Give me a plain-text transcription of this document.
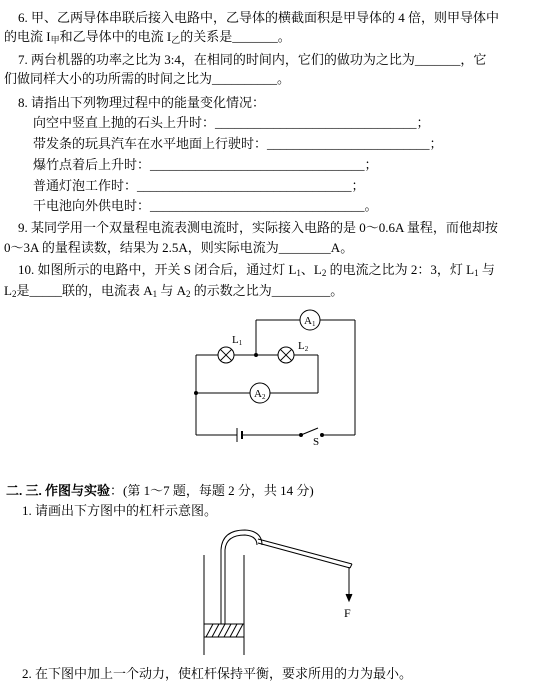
6. 甲、乙两导体串联后接入电路中，乙导体的横截面积是甲导体的 4 倍，则甲导体中
的电流 $I_甲$和乙导体中的电流 $I_乙$的关系是_______。
7. 两台机器的功率之比为 3:4，在相同的时间内，它们的做功为之比为_______，它
们做同样大小的功所需的时间之比为__________。
8. 请指出下列物理过程中的能量变化情况：
向空中竖直上抛的石头上升时：_______________________________；
带发条的玩具汽车在水平地面上行驶时：_________________________；
爆竹点着后上升时：_________________________________；
普通灯泡工作时：_________________________________；
干电池向外供电时：_________________________________。
9. 某同学用一个双量程电流表测电流时，实际接入电路的是 0～0.6A 量程，而他却按
0～3A 的量程读数，结果为 2.5A，则实际电流为________A。
10. 如图所示的电路中，开关 S 闭合后，通过灯 $L_1$、$L_2$ 的电流之比为 2：3，灯 $L_1$ 与
$L_2$是_____联的，电流表 $A_1$ 与 $A_2$ 的示数之比为_________。
A1
A2
L1	L2
S
F
二. 三. 作图与实验：(第 1～7 题，每题 2 分，共 14 分)
1. 请画出下方图中的杠杆示意图。
2. 在下图中加上一个动力，使杠杆保持平衡，要求所用的力为最小。
